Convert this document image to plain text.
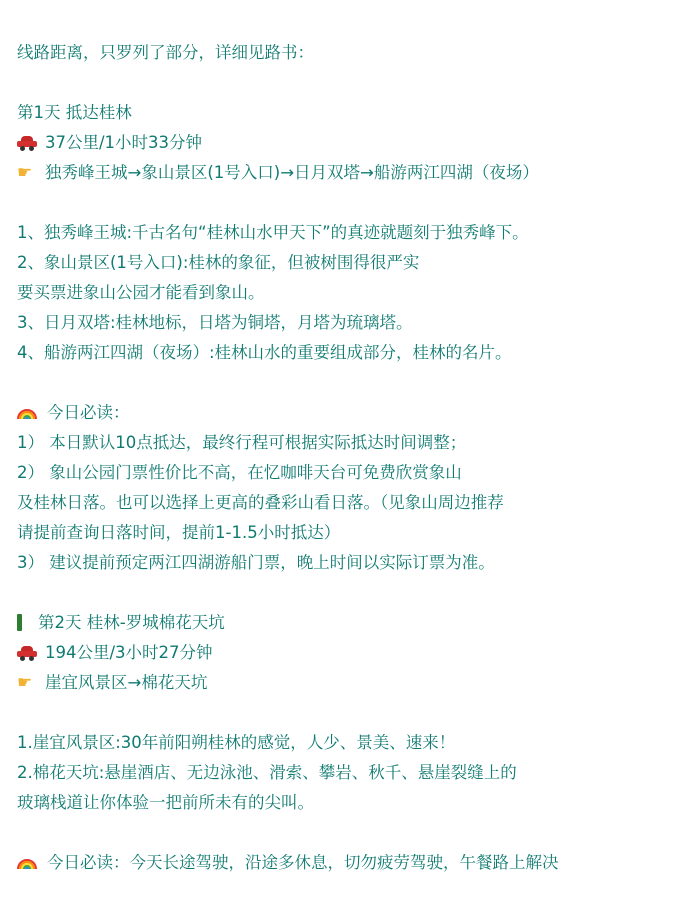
线路距离，只罗列了部分，详细见路书：
第1天 抵达桂林
37公里/1小时33分钟
☛ 独秀峰王城→象山景区(1号入口)→日月双塔→船游两江四湖（夜场）
1、独秀峰王城:千古名句“桂林山水甲天下”的真迹就题刻于独秀峰下。
2、象山景区(1号入口):桂林的象征，但被树围得很严实
要买票进象山公园才能看到象山。
3、日月双塔:桂林地标，日塔为铜塔，月塔为琉璃塔。
4、船游两江四湖（夜场）:桂林山水的重要组成部分，桂林的名片。
今日必读：
1） 本日默认10点抵达，最终行程可根据实际抵达时间调整；
2） 象山公园门票性价比不高，在忆咖啡天台可免费欣赏象山
及桂林日落。也可以选择上更高的叠彩山看日落。（见象山周边推荐
请提前查询日落时间，提前1-1.5小时抵达）
3） 建议提前预定两江四湖游船门票，晚上时间以实际订票为准。
第2天 桂林-罗城棉花天坑
194公里/3小时27分钟
☛ 崖宜风景区→棉花天坑
1.崖宜风景区:30年前阳朔桂林的感觉，人少、景美、速来！
2.棉花天坑:悬崖酒店、无边泳池、滑索、攀岩、秋千、悬崖裂缝上的
玻璃栈道让你体验一把前所未有的尖叫。
今日必读：今天长途驾驶，沿途多休息，切勿疲劳驾驶，午餐路上解决
